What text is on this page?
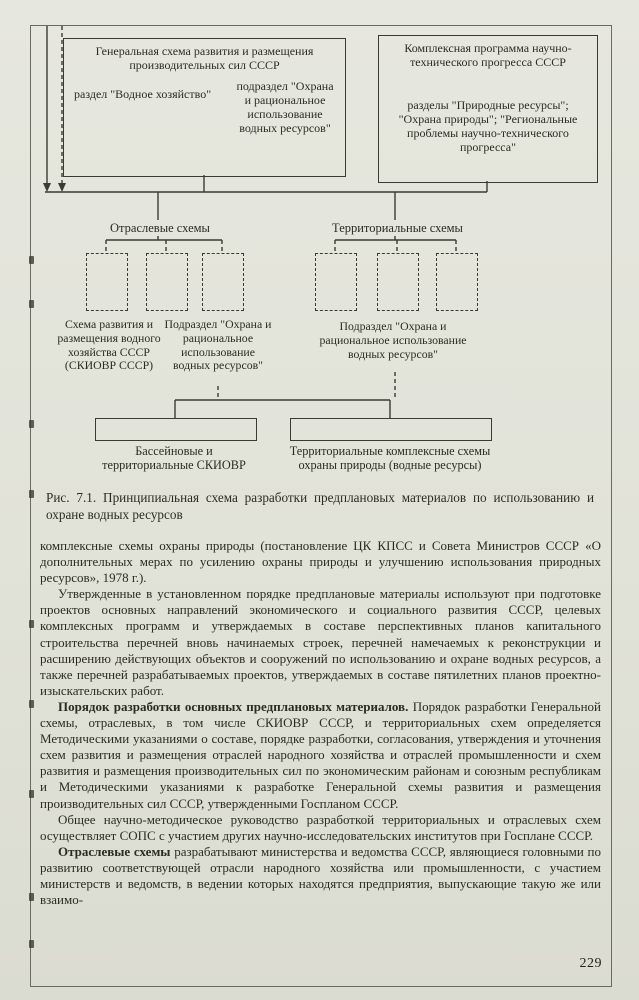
Генеральная схема развития и размещения производительных сил СССР
раздел "Водное хозяйство"
подраздел "Охрана и рациональное использование водных ресурсов"
Комплексная программа научно-технического прогресса СССР
разделы "Природные ресурсы"; "Охрана природы"; "Региональные проблемы научно-технического прогресса"
Отраслевые схемы	Территориальные схемы
Схема развития и размещения водного хозяйства СССР (СКИОВР СССР)
Подраздел "Охрана и рациональное использование водных ресурсов"
Подраздел "Охрана и рациональное использование водных ресурсов"
Бассейновые и территориальные СКИОВР
Территориальные комплексные схемы охраны природы (водные ресурсы)
Рис. 7.1. Принципиальная схема разработки предплановых материалов по использованию и охране водных ресурсов

комплексные схемы охраны природы (постановление ЦК КПСС и Совета Министров СССР «О дополнительных мерах по усилению охраны природы и улучшению использования природных ресурсов», 1978 г.).

Утвержденные в установленном порядке предплановые материалы используют при подготовке проектов основных направлений экономического и социального развития СССР, целевых комплексных программ и утверждаемых в составе перспективных планов капитального строительства перечней вновь начинаемых строек, перечней намечаемых к реконструкции и расширению действующих объектов и сооружений по использованию и охране водных ресурсов, а также перечней разрабатываемых проектов, утверждаемых в составе пятилетних планов проектно-изыскательских работ.

Порядок разработки основных предплановых материалов. Порядок разработки Генеральной схемы, отраслевых, в том числе СКИОВР СССР, и территориальных схем определяется Методическими указаниями о составе, порядке разработки, согласования, утверждения и уточнения схем развития и размещения отраслей народного хозяйства и отраслей промышленности и схем развития и размещения производительных сил по экономическим районам и союзным республикам и Методическими указаниями к разработке Генеральной схемы развития и размещения производительных сил СССР, утвержденными Госпланом СССР.

Общее научно-методическое руководство разработкой территориальных и отраслевых схем осуществляет СОПС с участием других научно-исследовательских институтов при Госплане СССР.

Отраслевые схемы разрабатывают министерства и ведомства СССР, являющиеся головными по развитию соответствующей отрасли народного хозяйства или промышленности, с участием министерств и ведомств, в ведении которых находятся предприятия, выпускающие такую же или взаимо-

229
